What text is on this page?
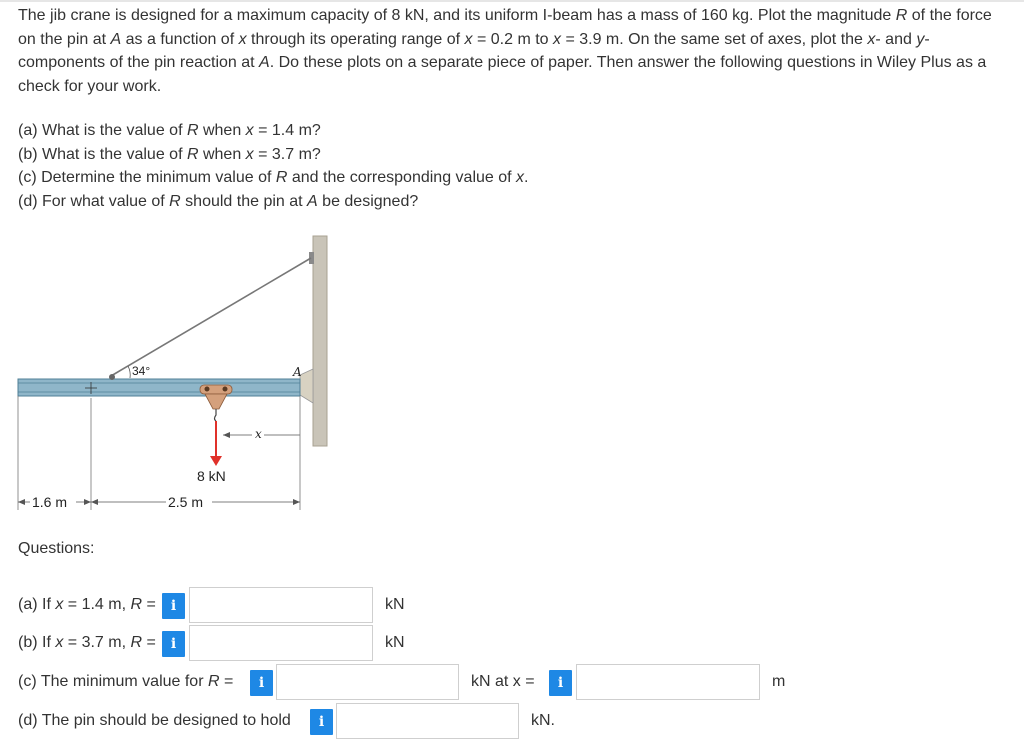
The jib crane is designed for a maximum capacity of 8 kN, and its uniform I-beam has a mass of 160 kg. Plot the magnitude R of the force on the pin at A as a function of x through its operating range of x = 0.2 m to x = 3.9 m. On the same set of axes, plot the x- and y-components of the pin reaction at A. Do these plots on a separate piece of paper. Then answer the following questions in Wiley Plus as a check for your work.

(a) What is the value of R when x = 1.4 m?

(b) What is the value of R when x = 3.7 m?

(c) Determine the minimum value of R and the corresponding value of x.

(d) For what value of R should the pin at A be designed?

34°	A
8 kN
x
1.6 m	2.5 m

Questions:

(a) If x = 1.4 m, R =	i	kN
(b) If x = 3.7 m, R =	i	kN
(c) The minimum value for R =	i	kN at x =	i	m
(d) The pin should be designed to hold	i	kN.
